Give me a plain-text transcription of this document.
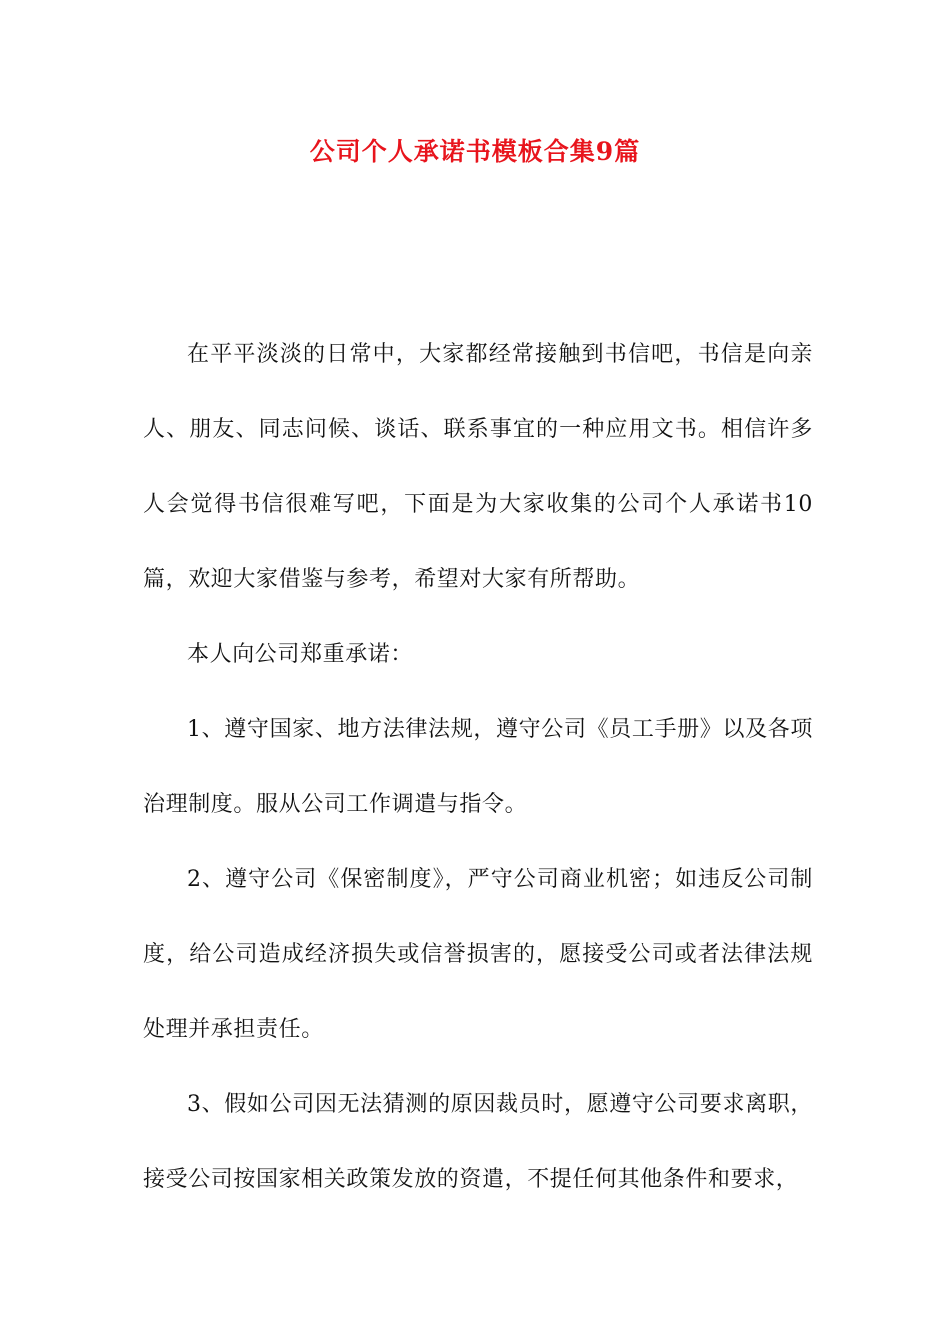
公司个人承诺书模板合集9篇

在平平淡淡的日常中，大家都经常接触到书信吧，书信是向亲人、朋友、同志问候、谈话、联系事宜的一种应用文书。相信许多人会觉得书信很难写吧，下面是为大家收集的公司个人承诺书10篇，欢迎大家借鉴与参考，希望对大家有所帮助。

本人向公司郑重承诺：

1、遵守国家、地方法律法规，遵守公司《员工手册》以及各项治理制度。服从公司工作调遣与指令。

2、遵守公司《保密制度》，严守公司商业机密；如违反公司制度，给公司造成经济损失或信誉损害的，愿接受公司或者法律法规处理并承担责任。

3、假如公司因无法猜测的原因裁员时，愿遵守公司要求离职，接受公司按国家相关政策发放的资遣，不提任何其他条件和要求，
